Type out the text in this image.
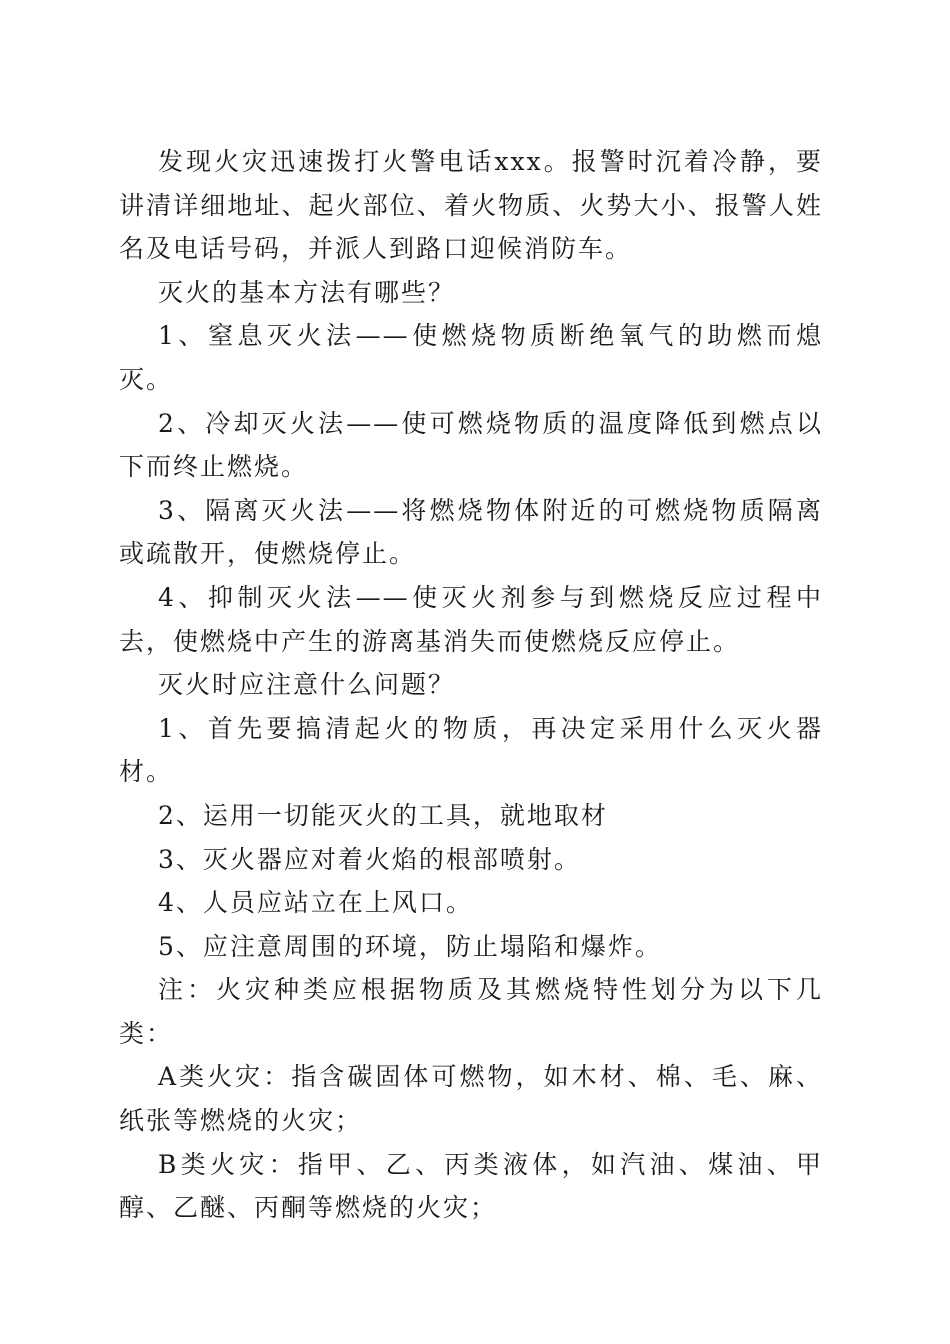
发现火灾迅速拨打火警电话xxx。报警时沉着冷静，要讲清详细地址、起火部位、着火物质、火势大小、报警人姓名及电话号码，并派人到路口迎候消防车。

灭火的基本方法有哪些？

1、窒息灭火法——使燃烧物质断绝氧气的助燃而熄灭。

2、冷却灭火法——使可燃烧物质的温度降低到燃点以下而终止燃烧。

3、隔离灭火法——将燃烧物体附近的可燃烧物质隔离或疏散开，使燃烧停止。

4、抑制灭火法——使灭火剂参与到燃烧反应过程中去，使燃烧中产生的游离基消失而使燃烧反应停止。

灭火时应注意什么问题？

1、首先要搞清起火的物质，再决定采用什么灭火器材。

2、运用一切能灭火的工具，就地取材

3、灭火器应对着火焰的根部喷射。

4、人员应站立在上风口。

5、应注意周围的环境，防止塌陷和爆炸。

注：火灾种类应根据物质及其燃烧特性划分为以下几类：

A类火灾：指含碳固体可燃物，如木材、棉、毛、麻、纸张等燃烧的火灾；

B类火灾：指甲、乙、丙类液体，如汽油、煤油、甲醇、乙醚、丙酮等燃烧的火灾；
